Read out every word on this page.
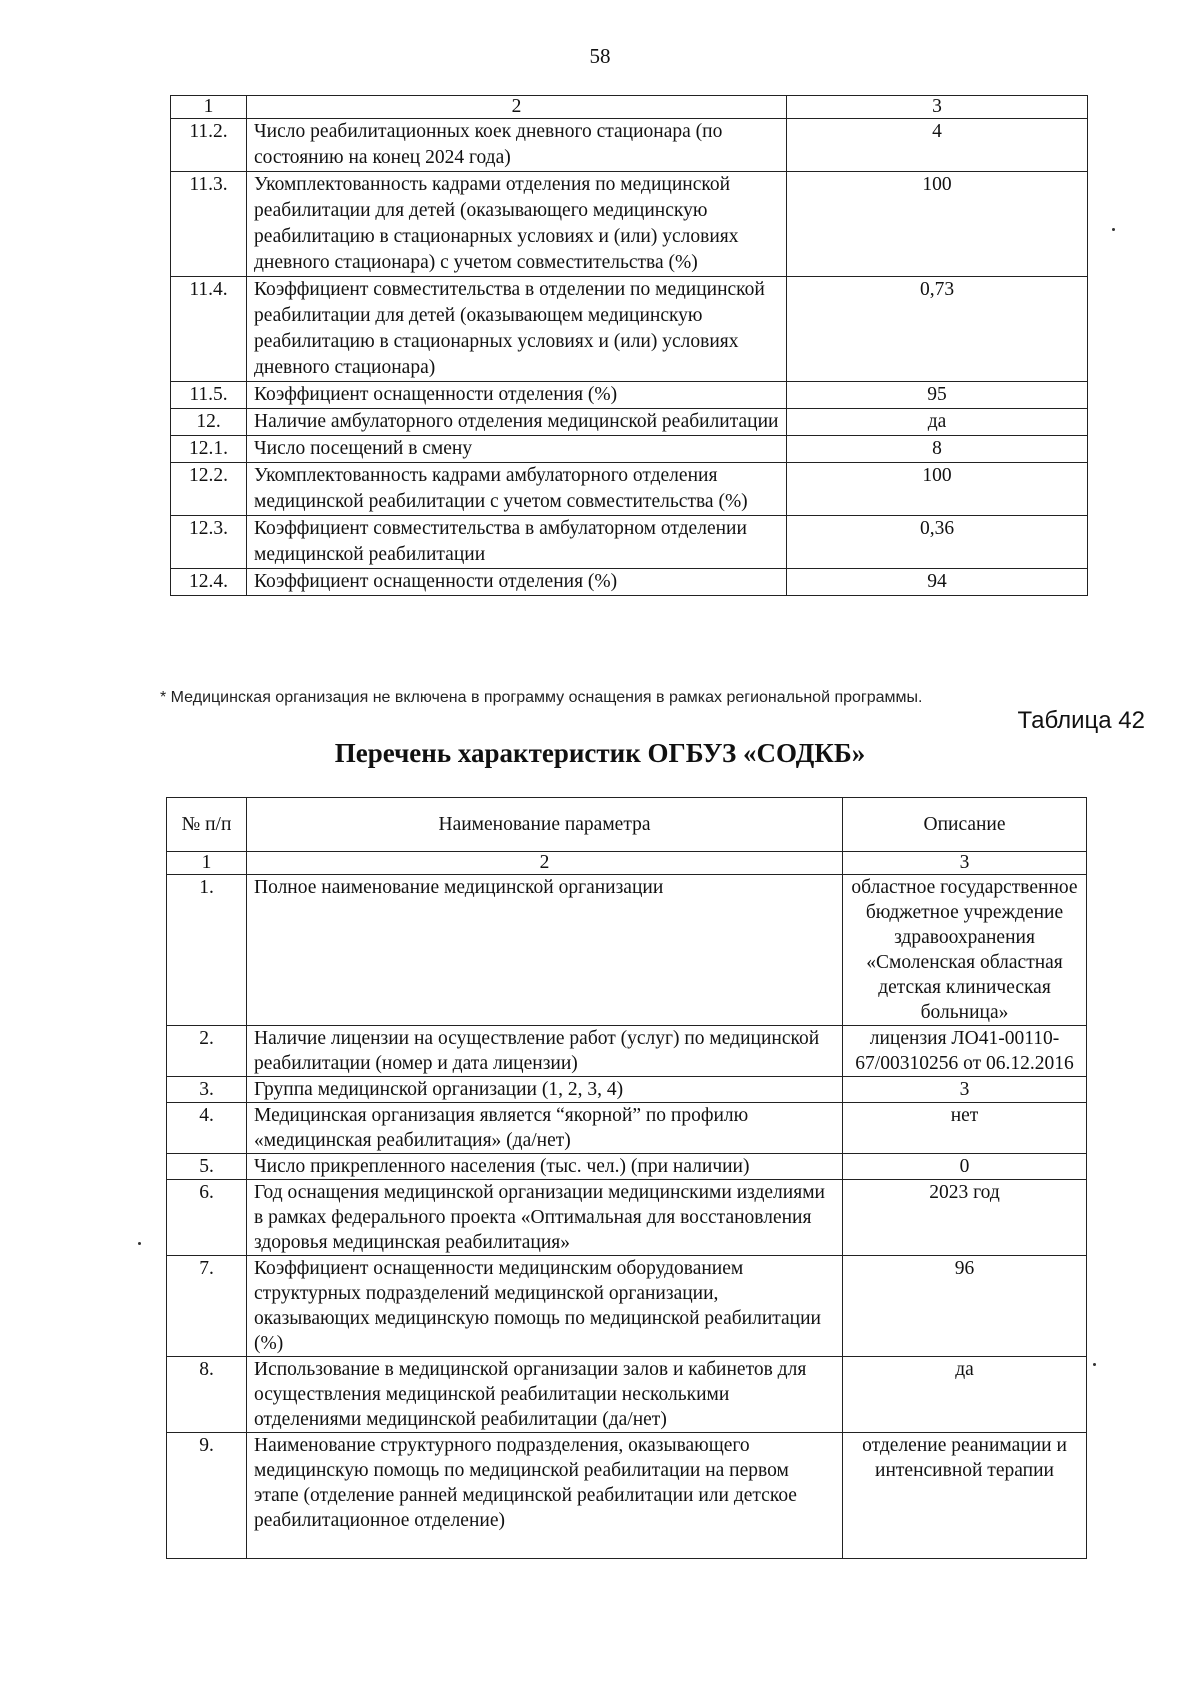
58
1	2	3
11.2.	Число реабилитационных коек дневного стационара (по состоянию на конец 2024 года)	4
11.3.	Укомплектованность кадрами отделения по медицинской реабилитации для детей (оказывающего медицинскую реабилитацию в стационарных условиях и (или) условиях дневного стационара) с учетом совместительства (%)	100
11.4.	Коэффициент совместительства в отделении по медицинской реабилитации для детей (оказывающем медицинскую реабилитацию в стационарных условиях и (или) условиях дневного стационара)	0,73
11.5.	Коэффициент оснащенности отделения (%)	95
12.	Наличие амбулаторного отделения медицинской реабилитации	да
12.1.	Число посещений в смену	8
12.2.	Укомплектованность кадрами амбулаторного отделения медицинской реабилитации с учетом совместительства (%)	100
12.3.	Коэффициент совместительства в амбулаторном отделении медицинской реабилитации	0,36
12.4.	Коэффициент оснащенности отделения (%)	94
* Медицинская организация не включена в программу оснащения в рамках региональной программы.
Таблица 42
Перечень характеристик ОГБУЗ «СОДКБ»
№ п/п	Наименование параметра	Описание
1	2	3
1.	Полное наименование медицинской организации	областное государственное бюджетное учреждение здравоохранения «Смоленская областная детская клиническая больница»
2.	Наличие лицензии на осуществление работ (услуг) по медицинской реабилитации (номер и дата лицензии)	лицензия ЛО41-00110-67/00310256 от 06.12.2016
3.	Группа медицинской организации (1, 2, 3, 4)	3
4.	Медицинская организация является “якорной” по профилю «медицинская реабилитация» (да/нет)	нет
5.	Число прикрепленного населения (тыс. чел.) (при наличии)	0
6.	Год оснащения медицинской организации медицинскими изделиями в рамках федерального проекта «Оптимальная для восстановления здоровья медицинская реабилитация»	2023 год
7.	Коэффициент оснащенности медицинским оборудованием структурных подразделений медицинской организации, оказывающих медицинскую помощь по медицинской реабилитации (%)	96
8.	Использование в медицинской организации залов и кабинетов для осуществления медицинской реабилитации несколькими отделениями медицинской реабилитации (да/нет)	да
9.	Наименование структурного подразделения, оказывающего медицинскую помощь по медицинской реабилитации на первом этапе (отделение ранней медицинской реабилитации или детское реабилитационное отделение)	отделение реанимации и интенсивной терапии
